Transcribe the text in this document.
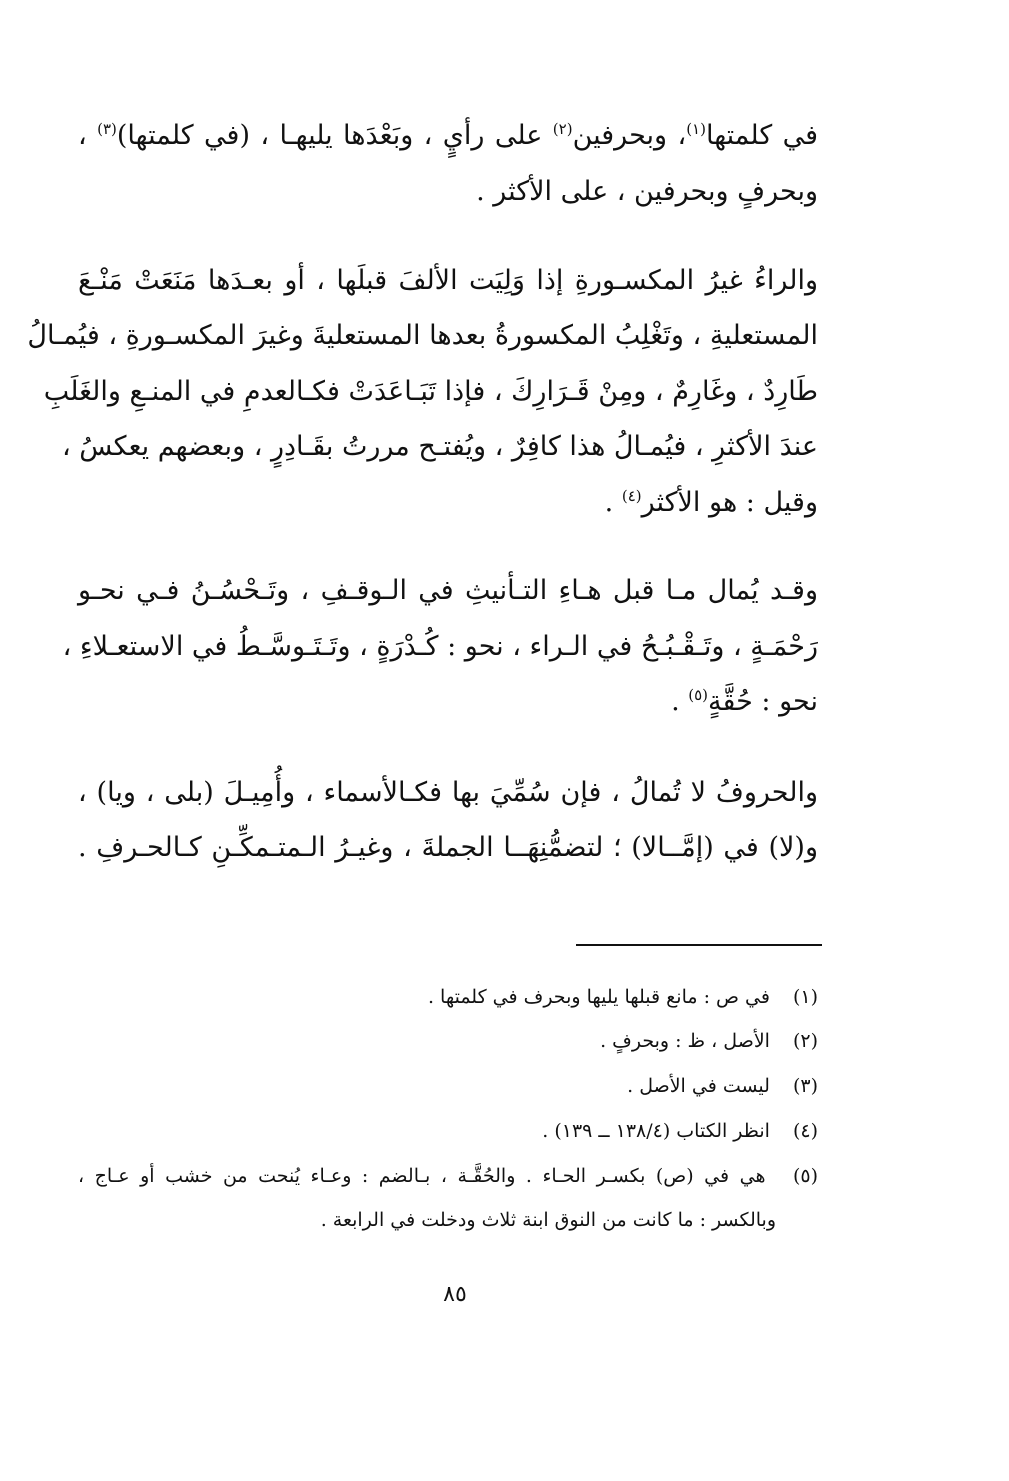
في كلمتها$^{(١)}$، وبحرفين$^{(٢)}$ على رأيٍ ، وبَعْدَها يليهـا ، (في كلمتها)$^{(٣)}$ ،
وبحرفٍ وبحرفين ، على الأكثر .
والراءُ غيرُ المكسـورةِ إذا وَلِيَت الألفَ قبلَها ، أو بعـدَها مَنَعَتْ مَنْـعَ
المستعليةِ ، وتَغْلِبُ المكسورةُ بعدها المستعليةَ وغيرَ المكسـورةِ ، فيُمـالُ
طَارِدٌ ، وغَارِمٌ ، ومِنْ قَـرَارِكَ ، فإذا تَبَـاعَدَتْ فكـالعدمِ في المنـعِ والغَلَبِ
عندَ الأكثرِ ، فيُمـالُ هذا كافِرٌ ، ويُفتـح مررتُ بقَـادِرٍ ، وبعضهم يعكسُ ،
وقيل : هو الأكثر$^{(٤)}$ .
وقـد يُمال مـا قبل هـاءِ التـأنيثِ في الـوقـفِ ، وتَـحْسُـنُ فـي نحـو
رَحْمَـةٍ ، وتَـقْـبُـحُ في الـراء ، نحو : كُـدْرَةٍ ، وتَـتَـوسَّـطُ في الاستعـلاءِ ،
نحو : حُقَّةٍ$^{(٥)}$ .
والحروفُ لا تُمالُ ، فإن سُمِّيَ بها فكـالأسماء ، وأُمِيـلَ (بلى ، ويا) ،
و(لا) في (إمَّــالا) ؛ لتضمُّنِهَــا الجملةَ ، وغيـرُ الـمتـمكِّـنِ كـالحـرفِ .
(١) في ص : مانع قبلها يليها وبحرف في كلمتها .
(٢) الأصل ، ظ : وبحرفٍ .
(٣) ليست في الأصل .
(٤) انظر الكتاب (١٣٨/٤ ــ ١٣٩) .
(٥) هي في (ص) بكسـر الحـاء . والحُقَّـة ، بـالضم : وعـاء يُنحت من خشب أو عـاج ،
وبالكسر : ما كانت من النوق ابنة ثلاث ودخلت في الرابعة .
٨٥
